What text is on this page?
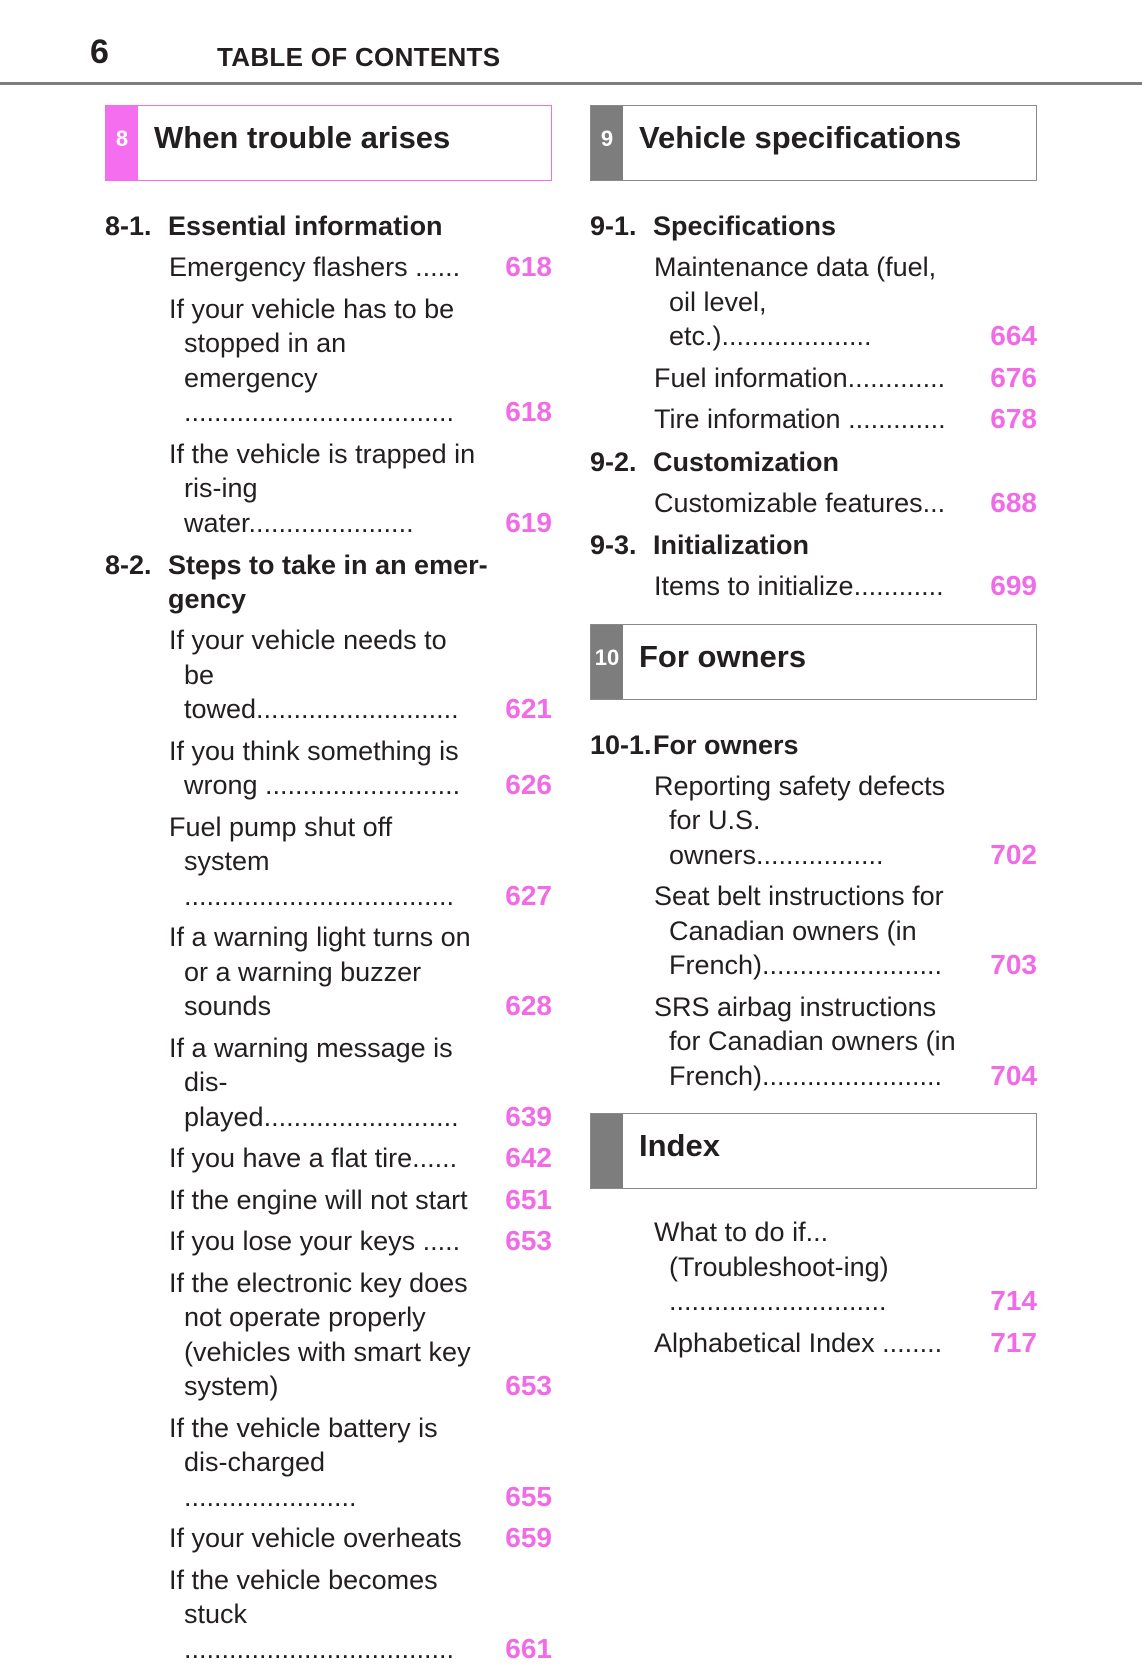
6	TABLE OF CONTENTS
8 When trouble arises
8-1. Essential information
Emergency flashers ...... 618
If your vehicle has to be stopped in an emergency .................................... 618
If the vehicle is trapped in ris-ing water......................	619
8-2. Steps to take in an emer-gency
If your vehicle needs to be towed........................... 621
If you think something is wrong .......................... 626
Fuel pump shut off system .................................... 627
If a warning light turns on or a warning buzzer sounds	628
If a warning message is dis-played.......................... 639
If you have a flat tire...... 642
If the engine will not start 651
If you lose your keys ..... 653
If the electronic key does not operate properly (vehicles with smart key system)	653
If the vehicle battery is dis-charged .......................	655
If your vehicle overheats 659
If the vehicle becomes stuck .................................... 661
9 Vehicle specifications
9-1. Specifications
Maintenance data (fuel, oil level, etc.)....................	664
Fuel information............. 676
Tire information ............. 678
9-2. Customization
Customizable features... 688
9-3. Initialization
Items to initialize............ 699
10 For owners
10-1. For owners
Reporting safety defects for U.S. owners.................	702
Seat belt instructions for Canadian owners (in French)........................ 703
SRS airbag instructions for Canadian owners (in French)........................ 704
Index
What to do if... (Troubleshoot-ing) .............................	714
Alphabetical Index ........ 717
